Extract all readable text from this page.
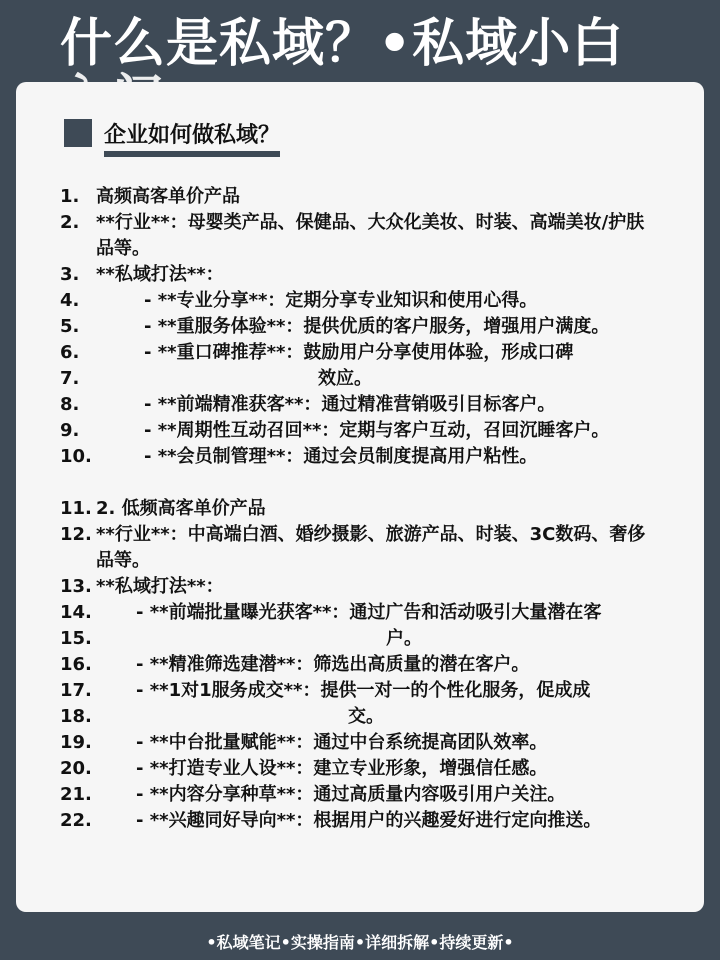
什么是私域？•私域小白
企业如何做私域？
1. 高频高客单价产品
2. **行业**：母婴类产品、保健品、大众化美妆、时装、高端美妆/护肤品等。
3. **私域打法**：
4.	- **专业分享**：定期分享专业知识和使用心得。
5.	- **重服务体验**：提供优质的客户服务，增强用户满度。
6.	- **重口碑推荐**：鼓励用户分享使用体验，形成口碑
7.	效应。
8.	- **前端精准获客**：通过精准营销吸引目标客户。
9.	- **周期性互动召回**：定期与客户互动，召回沉睡客户。
10.	- **会员制管理**：通过会员制度提高用户粘性。
11. 2. 低频高客单价产品
12. **行业**：中高端白酒、婚纱摄影、旅游产品、时装、3C数码、奢侈品等。
13. **私域打法**：
14.	- **前端批量曝光获客**：通过广告和活动吸引大量潜在客
15.	户。
16.	- **精准筛选建潜**：筛选出高质量的潜在客户。
17.	- **1对1服务成交**：提供一对一的个性化服务，促成成
18.	交。
19.	- **中台批量赋能**：通过中台系统提高团队效率。
20.	- **打造专业人设**：建立专业形象，增强信任感。
21.	- **内容分享种草**：通过高质量内容吸引用户关注。
22.	- **兴趣同好导向**：根据用户的兴趣爱好进行定向推送。
•私域笔记•实操指南•详细拆解•持续更新•
